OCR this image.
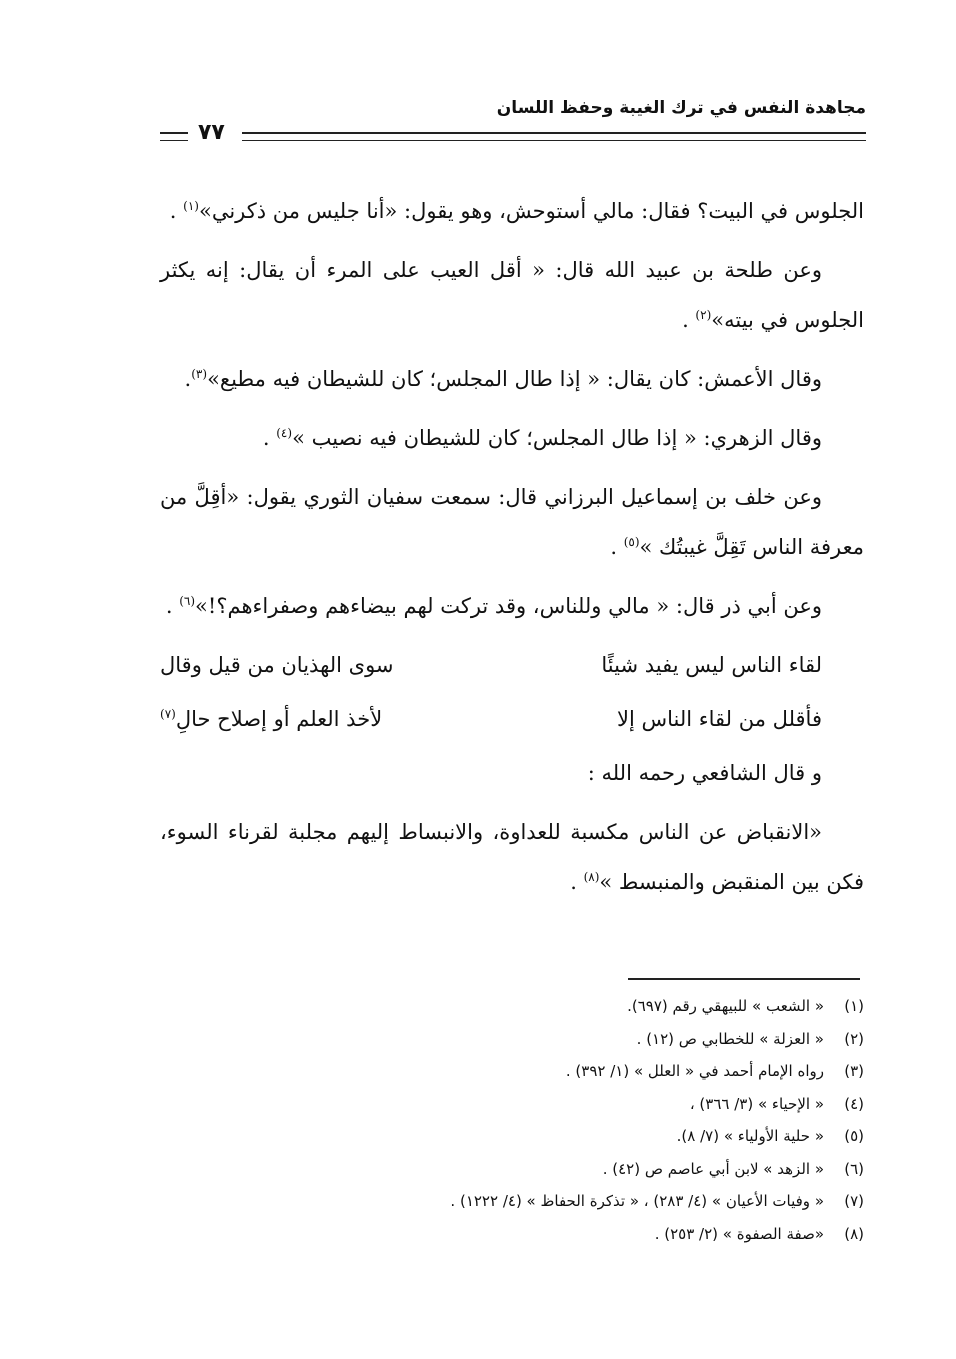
مجاهدة النفس في ترك الغيبة وحفظ اللسان
٧٧

الجلوس في البيت؟ فقال: مالي أستوحش، وهو يقول: «أنا جليس من ذكرني»$^{(١)}$ .

وعن طلحة بن عبيد الله قال: « أقل العيب على المرء أن يقال: إنه يكثر الجلوس في بيته»$^{(٢)}$ .

وقال الأعمش: كان يقال: « إذا طال المجلس؛ كان للشيطان فيه مطيع»$^{(٣)}$.

وقال الزهري: « إذا طال المجلس؛ كان للشيطان فيه نصيب »$^{(٤)}$ .

وعن خلف بن إسماعيل البرزاني قال: سمعت سفيان الثوري يقول: «أقِلَّ من معرفة الناس تَقِلَّ غيبتُك »$^{(٥)}$ .

وعن أبي ذر قال: « مالي وللناس، وقد تركت لهم بيضاءهم وصفراءهم؟!»$^{(٦)}$ .

لقاء الناس ليس يفيد شيئًا
سوى الهذيان من قيل وقال
فأقلل من لقاء الناس إلا
لأخذ العلم أو إصلاح حالِ$^{(٧)}$

و قال الشافعي رحمه الله :

«الانقباض عن الناس مكسبة للعداوة، والانبساط إليهم مجلبة لقرناء السوء، فكن بين المنقبض والمنبسط »$^{(٨)}$ .

(١)« الشعب » للبيهقي رقم (٦٩٧).
(٢)« العزلة » للخطابي ص (١٢) .
(٣)رواه الإمام أحمد في « العلل » (١/ ٣٩٢) .
(٤)« الإحياء » (٣/ ٣٦٦) ،
(٥)« حلية الأولياء » (٧/ ٨).
(٦)« الزهد » لابن أبي عاصم ص (٤٢) .
(٧)« وفيات الأعيان » (٤/ ٢٨٣) ، « تذكرة الحفاظ » (٤/ ١٢٢٢) .
(٨)«صفة الصفوة » (٢/ ٢٥٣) .
